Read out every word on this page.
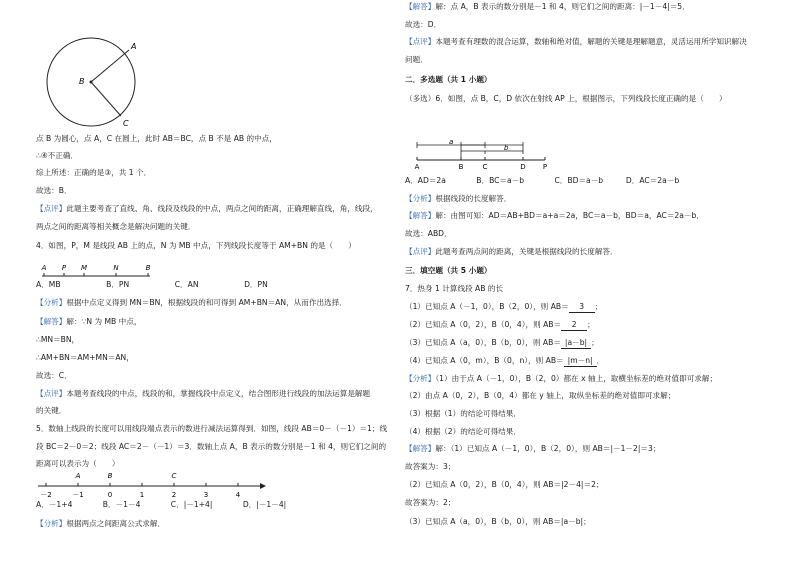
A
B
C
点 B 为圆心，点 A，C 在圆上，此时 AB＝BC，点 B 不是 AB 的中点，
∴④不正确．
综上所述：正确的是③，共 1 个．
故选：B．
【点评】此题主要考查了直线、角、线段及线段的中点，两点之间的距离，正确理解直线，角，线段，
两点之间的距离等相关概念是解决问题的关键．
4．如图，P，M 是线段 AB 上的点，N 为 MB 中点，下列线段长度等于 AM+BN 的是（　　）
A．MB　　　　　　B．PN　　　　　　C．AN　　　　　　D．PN
【分析】根据中点定义得到 MN＝BN，根据线段的和可得到 AM+BN＝AN，从而作出选择．
【解答】解：∵N 为 MB 中点，
∴MN＝BN，
∴AM+BN＝AM+MN＝AN，
故选：C．
【点评】本题考查线段的中点，线段的和，掌握线段中点定义，结合图形进行线段的加法运算是解题
的关键．
5．数轴上线段的长度可以用线段端点表示的数进行减法运算得到．如图，线段 AB＝0－（－1）＝1；线
段 BC＝2－0＝2；线段 AC＝2－（－1）＝3．数轴上点 A，B 表示的数分别是－1 和 4，则它们之间的
距离可以表示为（　　）
A．－1+4　　　　B．－1－4　　　　C．|－1+4|　　　　D．|－1－4|
【分析】根据两点之间距离公式求解．
A P M	N	B
－2	－1	0	1	2	3	4
A	B	C
【解答】解：点 A，B 表示的数分别是－1 和 4，则它们之间的距离：|－1－4|＝5．
故选：D．
【点评】本题考查有理数的混合运算，数轴和绝对值，解题的关键是理解题意，灵活运用所学知识解决
问题．
二．多选题（共 1 小题）
（多选）6．如图，点 B，C，D 依次在射线 AP 上，根据图示，下列线段长度正确的是（　　）
A．AD＝2a　　　　B．BC＝a－b　　　　C．BD＝a－b　　　D．AC＝2a－b
【分析】根据线段的长度解答．
【解答】解：由图可知：AD＝AB+BD＝a+a＝2a，BC＝a－b，BD＝a，AC＝2a－b．
故选：ABD．
【点评】此题考查两点间的距离，关键是根据线段的长度解答．
三．填空题（共 5 小题）
7．热身 1 计算线段 AB 的长
（1）已知点 A（－1，0），B（2，0），则 AB＝ 3 ；
（2）已知点 A（0，2），B（0，4），则 AB＝ 2 ；
（3）已知点 A（a，0），B（b，0），则 AB＝ |a－b| ；
（4）已知点 A（0，m），B（0，n），则 AB＝ |m－n| ．
【分析】（1）由于点 A（－1，0），B（2，0）都在 x 轴上，取横坐标差的绝对值即可求解；
（2）由点 A（0，2），B（0，4）都在 y 轴上，取纵坐标差的绝对值即可求解；
（3）根据（1）的结论可得结果．
（4）根据（2）的结论可得结果．
【解答】解：（1）已知点 A（－1，0），B（2，0），则 AB＝|－1－2|＝3；
故答案为：3；
（2）已知点 A（0，2），B（0，4），则 AB＝|2－4|＝2；
故答案为：2；
（3）已知点 A（a，0），B（b，0），则 AB＝|a－b|；
a
b
A	B	C	D P
